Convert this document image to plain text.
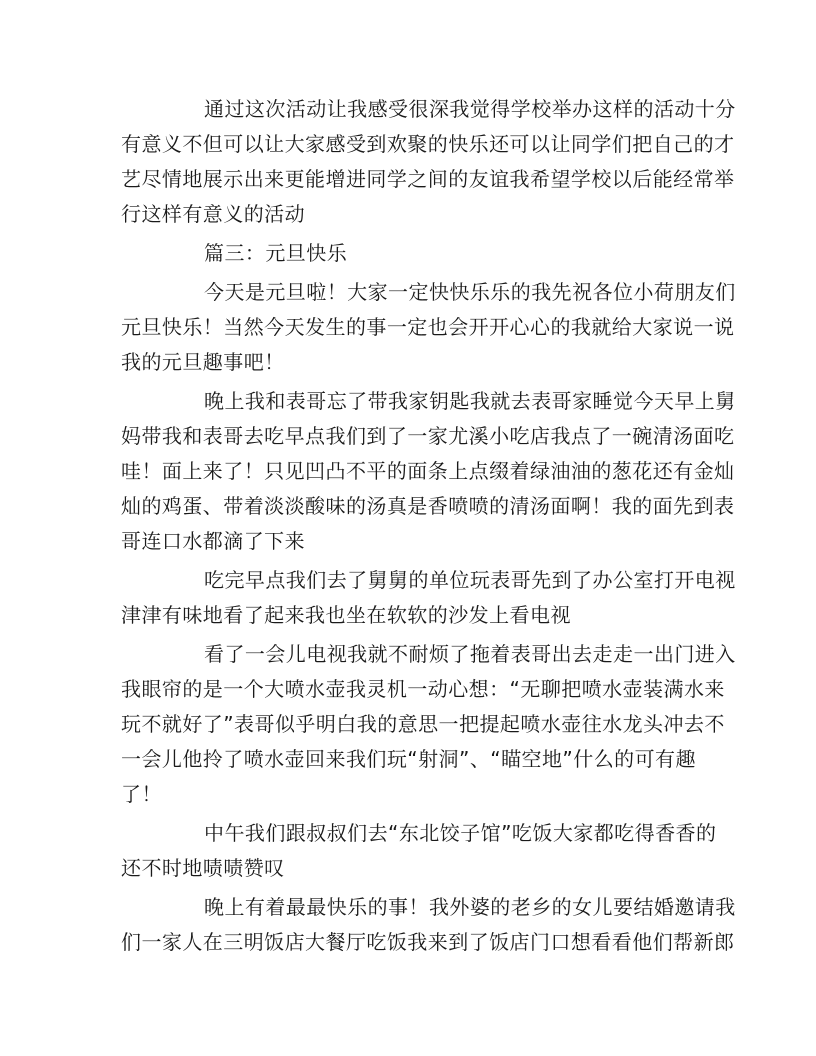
通过这次活动让我感受很深我觉得学校举办这样的活动十分
有意义不但可以让大家感受到欢聚的快乐还可以让同学们把自己的才
艺尽情地展示出来更能增进同学之间的友谊我希望学校以后能经常举
行这样有意义的活动
篇三：元旦快乐
今天是元旦啦！大家一定快快乐乐的我先祝各位小荷朋友们
元旦快乐！当然今天发生的事一定也会开开心心的我就给大家说一说
我的元旦趣事吧！
晚上我和表哥忘了带我家钥匙我就去表哥家睡觉今天早上舅
妈带我和表哥去吃早点我们到了一家尤溪小吃店我点了一碗清汤面吃
哇！面上来了！只见凹凸不平的面条上点缀着绿油油的葱花还有金灿
灿的鸡蛋、带着淡淡酸味的汤真是香喷喷的清汤面啊！我的面先到表
哥连口水都滴了下来
吃完早点我们去了舅舅的单位玩表哥先到了办公室打开电视
津津有味地看了起来我也坐在软软的沙发上看电视
看了一会儿电视我就不耐烦了拖着表哥出去走走一出门进入
我眼帘的是一个大喷水壶我灵机一动心想：“无聊把喷水壶装满水来
玩不就好了”表哥似乎明白我的意思一把提起喷水壶往水龙头冲去不
一会儿他拎了喷水壶回来我们玩“射洞”、“瞄空地”什么的可有趣
了！
中午我们跟叔叔们去“东北饺子馆”吃饭大家都吃得香香的
还不时地啧啧赞叹
晚上有着最最快乐的事！我外婆的老乡的女儿要结婚邀请我
们一家人在三明饭店大餐厅吃饭我来到了饭店门口想看看他们帮新郎
